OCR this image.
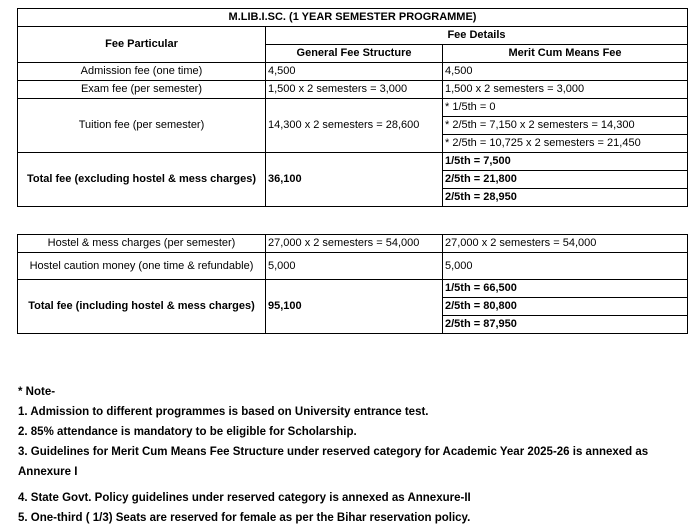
M.LIB.I.SC. (1 YEAR SEMESTER PROGRAMME)		
Fee Particular	Fee Details	
	General Fee Structure	Merit Cum Means Fee
Admission fee (one time)	4,500	4,500
Exam fee (per semester)	1,500 x 2 semesters = 3,000	1,500 x 2 semesters = 3,000
Tuition fee (per semester)	14,300 x 2 semesters = 28,600	* 1/5th = 0
		* 2/5th = 7,150 x 2 semesters = 14,300
		* 2/5th = 10,725 x 2 semesters = 21,450
Total fee (excluding hostel & mess charges)	36,100	1/5th = 7,500
		2/5th = 21,800
		2/5th = 28,950
Hostel & mess charges (per semester)	27,000 x 2 semesters = 54,000	27,000 x 2 semesters = 54,000
Hostel caution money (one time & refundable)	5,000	5,000
Total fee (including hostel & mess charges)	95,100	1/5th = 66,500
		2/5th = 80,800
		2/5th = 87,950
* Note-
1. Admission to different programmes is based on University entrance test.
2. 85% attendance is mandatory to be eligible for Scholarship.
3. Guidelines for Merit Cum Means Fee Structure under reserved category for Academic Year 2025-26 is annexed as
Annexure I
4. State Govt. Policy guidelines under reserved category is annexed as Annexure-II
5. One-third ( 1/3) Seats are reserved for female as per the Bihar reservation policy.
